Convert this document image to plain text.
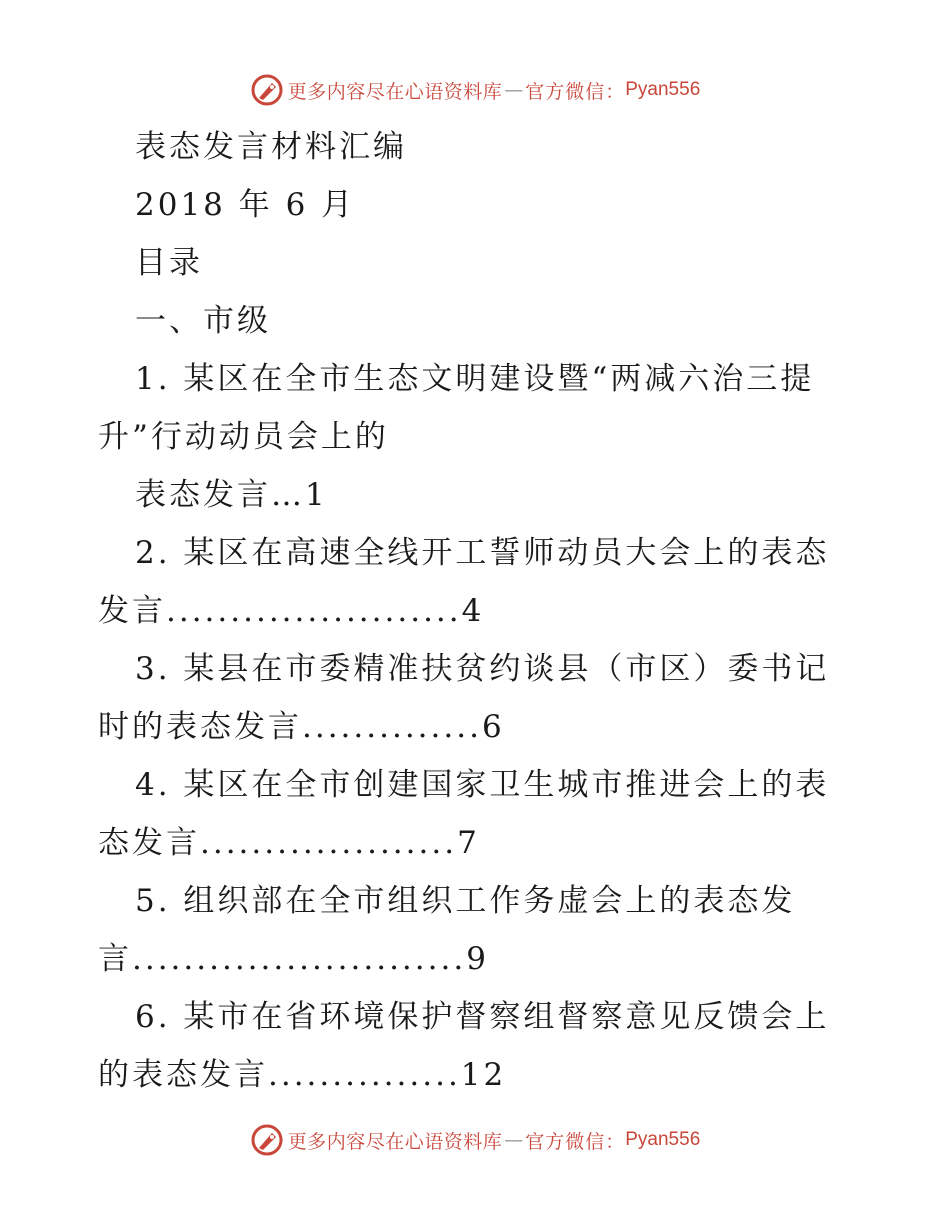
更多内容尽在心语资料库 — 官方微信： Pyan556
表态发言材料汇编
2018 年 6 月
目录
一、市级
1. 某区在全市生态文明建设暨“两减六治三提
升”行动动员会上的
表态发言…1
2. 某区在高速全线开工誓师动员大会上的表态
发言.......................4
3. 某县在市委精准扶贫约谈县（市区）委书记
时的表态发言..............6
4. 某区在全市创建国家卫生城市推进会上的表
态发言....................7
5. 组织部在全市组织工作务虚会上的表态发
言..........................9
6. 某市在省环境保护督察组督察意见反馈会上
的表态发言...............12
更多内容尽在心语资料库 — 官方微信： Pyan556
